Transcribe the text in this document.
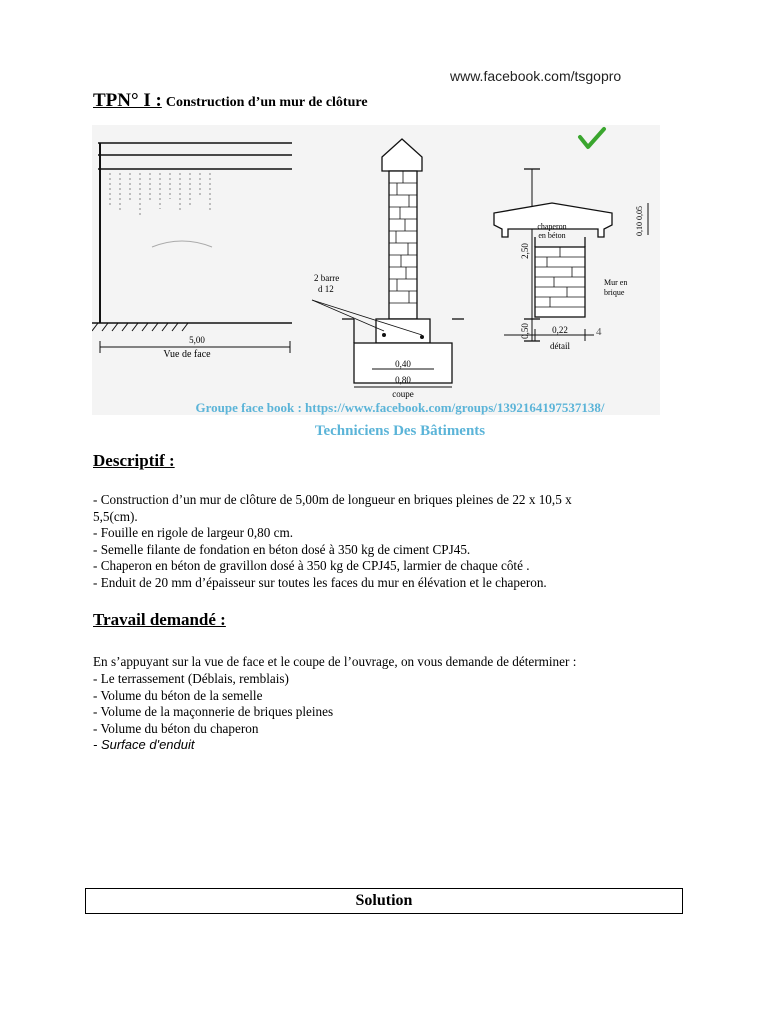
www.facebook.com/tsgopro
TPN° I : Construction d’un mur de clôture
5,00
Vue de face
2,50
0,50
2 barre
d 12
0,40
0,80
coupe
chaperon
en béton	0,10 0,05
Mur en
brique
0,22
détail
4
Groupe face book : https://www.facebook.com/groups/1392164197537138/
Techniciens Des Bâtiments
Descriptif :
- Construction d’un mur de clôture de 5,00m de longueur en briques pleines de 22 x 10,5 x
5,5(cm).
- Fouille en rigole de largeur 0,80 cm.
- Semelle filante de fondation en béton dosé à 350 kg de ciment CPJ45.
- Chaperon en béton de gravillon dosé à 350 kg de CPJ45, larmier de chaque côté .
- Enduit de 20 mm d’épaisseur sur toutes les faces du mur en élévation et le chaperon.
Travail demandé :
En s’appuyant sur la vue de face et le coupe de l’ouvrage, on vous demande de déterminer :
- Le terrassement (Déblais, remblais)
- Volume du béton de la semelle
- Volume de la maçonnerie de briques pleines
- Volume du béton du chaperon
- Surface d'enduit
Solution
